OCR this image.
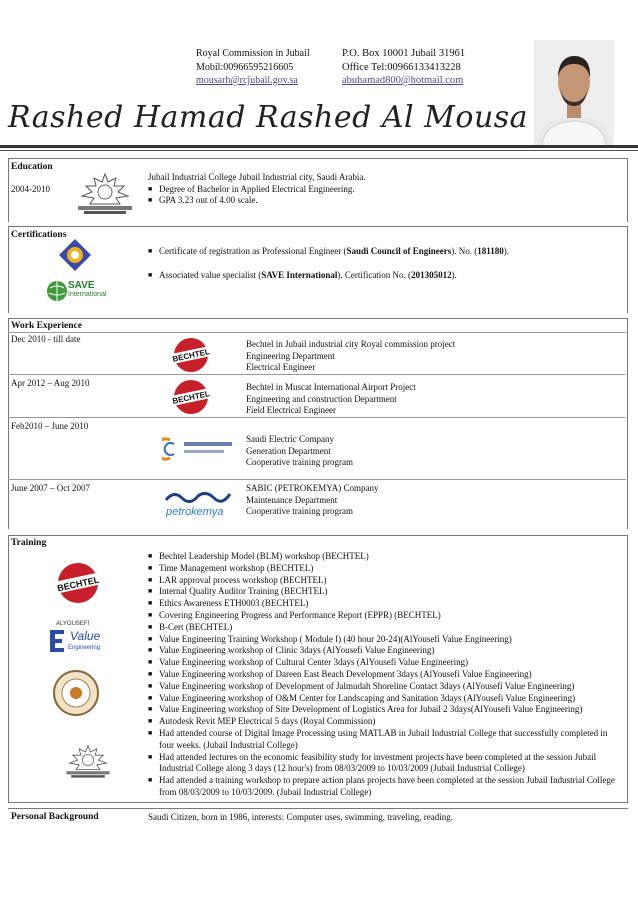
Royal Commission in Jubail
Mobil:00966595216605
mousarh@rcjubail.gov.sa
P.O. Box 10001 Jubail 31961
Office Tel:00966133413228
abuhamad800@hotmail.com
Rashed Hamad Rashed Al Mousa
Education
2004-2010
Jubail Industrial College Jubail Industrial city, Saudi Arabia.
■ Degree of Bachelor in Applied Electrical Engineering.
■ GPA 3.23 out of 4.00 scale.
Certifications
SAVE
International
■ Certificate of registration as Professional Engineer (Saudi Council of Engineers). No. (181180).
■ Associated value specialist (SAVE International). Certification No. (201305012).
Work Experience
Dec 2010 - till date
BECHTEL
Bechtel in Jubail industrial city Royal commission project
Engineering Department
Electrical Engineer
Apr 2012 – Aug 2010
BECHTEL
Bechtel in Muscat International Airport Project
Engineering and construction Department
Field Electrical Engineer
Feb2010 – June 2010
Saudi Electric Company
Generation Department
Cooperative training program
June 2007 – Oct 2007
petrokemya
SABIC (PETROKEMYA) Company
Maintenance Department
Cooperative training program
Training
BECHTEL
ALYOUSEFI
Value
Engineering
■ Bechtel Leadership Model (BLM) workshop (BECHTEL)
■ Time Management workshop (BECHTEL)
■ LAR approval process workshop (BECHTEL)
■ Internal Quality Auditor Training (BECHTEL)
■ Ethics Awareness ETH0003 (BECHTEL)
■ Covering Engineering Progress and Performance Report (EPPR) (BECHTEL)
■ B-Cert (BECHTEL)
■ Value Engineering Training Workshop ( Module I) (40 hour 20-24)(AlYousefi Value Engineering)
■ Value Engineering workshop of Clinic 3days (AlYousefi Value Engineering)
■ Value Engineering workshop of Cultural Center 3days (AlYousefi Value Engineering)
■ Value Engineering workshop of Dareen East Beach Development 3days (AlYousefi Value Engineering)
■ Value Engineering workshop of Development of Jalmudah Shoreline Contact 3days (AlYousefi Value Engineering)
■ Value Engineering workshop of O&M Center for Landscaping and Sanitation 3days (AlYousefi Value Engineering)
■ Value Engineering workshop of Site Development of Logistics Area for Jubail 2 3days(AlYousefi Value Engineering)
■ Autodesk Revit MEP Electrical 5 days (Royal Commission)
■ Had attended course of Digital Image Processing using MATLAB in Jubail Industrial College that successfully completed in four weeks. (Jubail Industrial College)
■ Had attended lectures on the economic feasibility study for investment projects have been completed at the session Jubail Industrial College along 3 days (12 hour's) from 08/03/2009 to 10/03/2009 (Jubail Industrial College)
■ Had attended a training workshop to prepare action plans projects have been completed at the session Jubail Industrial College from 08/03/2009 to 10/03/2009. (Jubail Industrial College)
Personal Background	Saudi Citizen, born in 1986, interests: Computer uses, swimming, traveling, reading.
